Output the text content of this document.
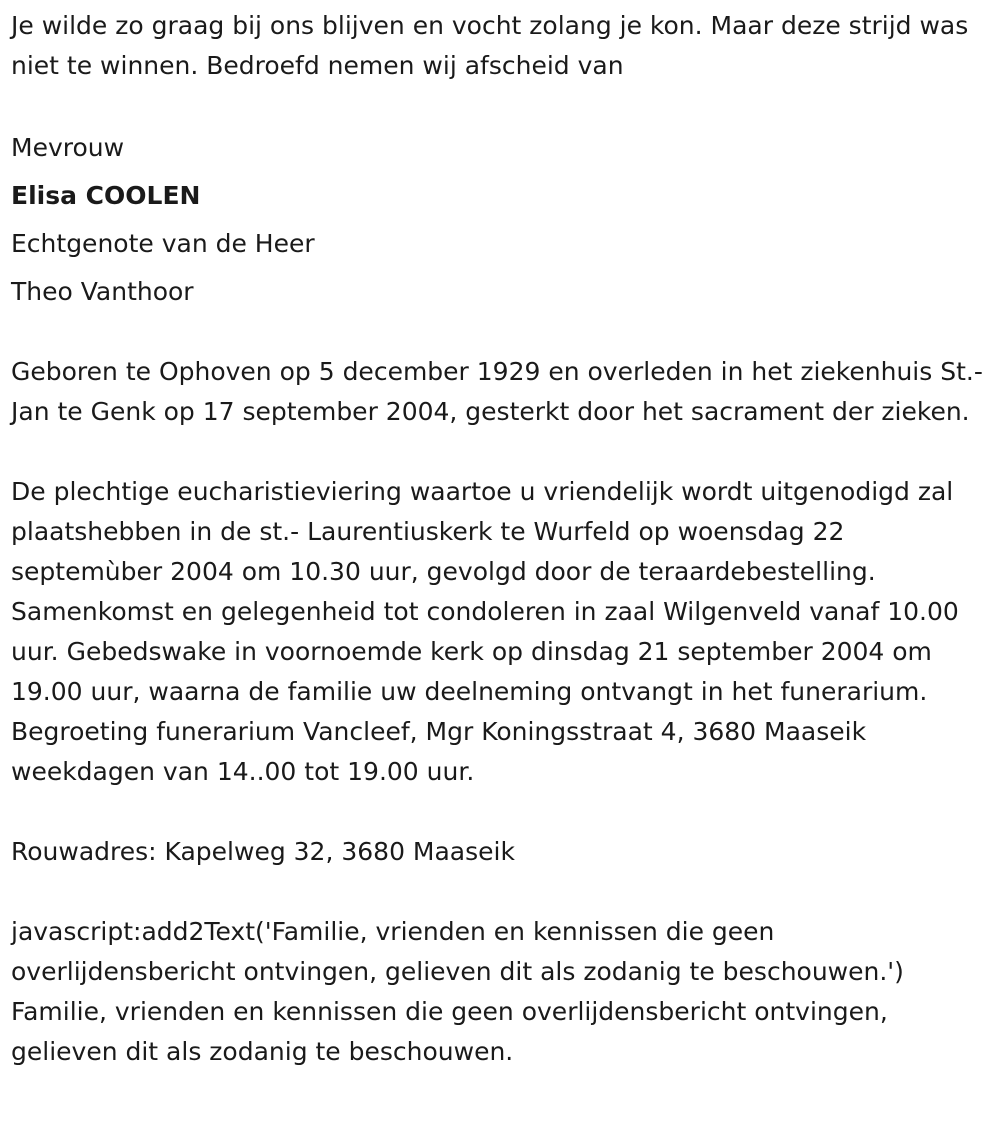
Je wilde zo graag bij ons blijven en vocht zolang je kon. Maar deze strijd was niet te winnen. Bedroefd nemen wij afscheid van

Mevrouw

Elisa COOLEN

Echtgenote van de Heer

Theo Vanthoor

Geboren te Ophoven op 5 december 1929 en overleden in het ziekenhuis St.- Jan te Genk op 17 september 2004, gesterkt door het sacrament der zieken.

De plechtige eucharistieviering waartoe u vriendelijk wordt uitgenodigd zal plaatshebben in de st.- Laurentiuskerk te Wurfeld op woensdag 22 septemùber 2004 om 10.30 uur, gevolgd door de teraardebestelling. Samenkomst en gelegenheid tot condoleren in zaal Wilgenveld vanaf 10.00 uur. Gebedswake in voornoemde kerk op dinsdag 21 september 2004 om 19.00 uur, waarna de familie uw deelneming ontvangt in het funerarium. Begroeting funerarium Vancleef, Mgr Koningsstraat 4, 3680 Maaseik weekdagen van 14..00 tot 19.00 uur.

Rouwadres: Kapelweg 32, 3680 Maaseik

javascript:add2Text('Familie, vrienden en kennissen die geen overlijdensbericht ontvingen, gelieven dit als zodanig te beschouwen.') Familie, vrienden en kennissen die geen overlijdensbericht ontvingen, gelieven dit als zodanig te beschouwen.
